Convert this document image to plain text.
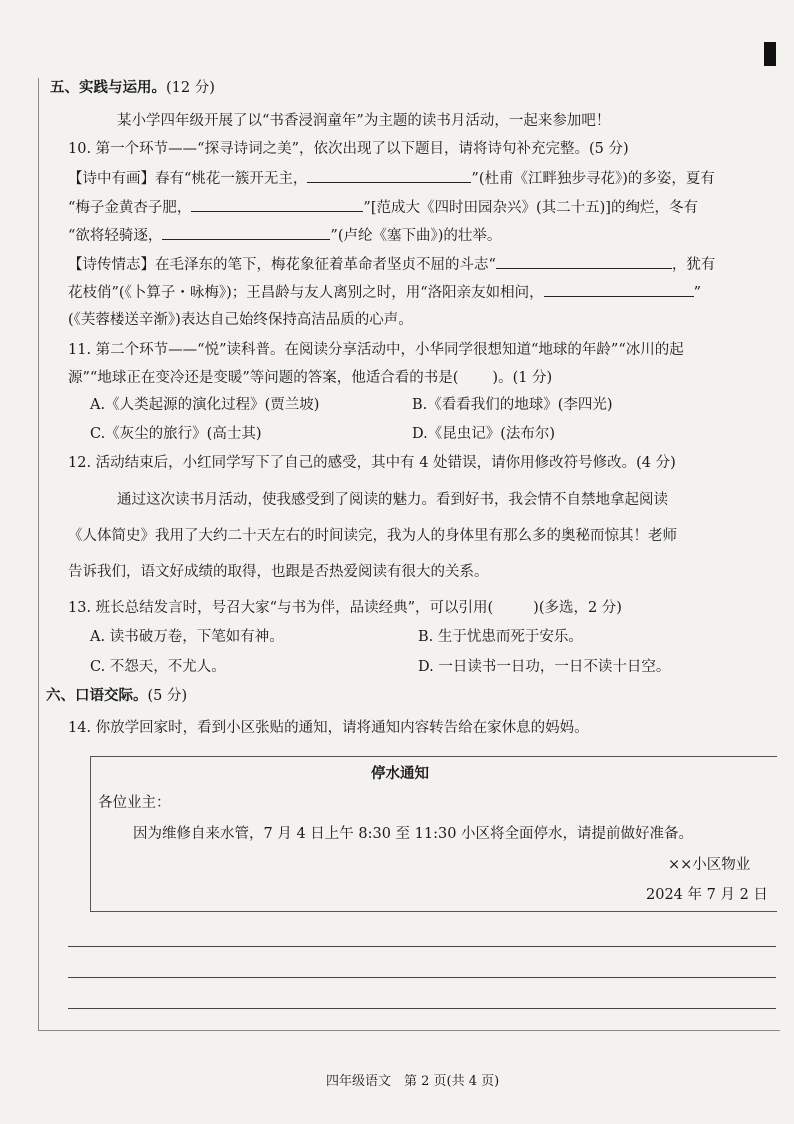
五、实践与运用。(12 分)
某小学四年级开展了以“书香浸润童年”为主题的读书月活动，一起来参加吧！
10. 第一个环节——“探寻诗词之美”，依次出现了以下题目，请将诗句补充完整。(5 分)
【诗中有画】春有“桃花一簇开无主，	”(杜甫《江畔独步寻花》)的多姿，夏有
“梅子金黄杏子肥，	”[范成大《四时田园杂兴》(其二十五)]的绚烂，冬有
“欲将轻骑逐，	”(卢纶《塞下曲》)的壮举。
【诗传情志】在毛泽东的笔下，梅花象征着革命者坚贞不屈的斗志“	，犹有
花枝俏”(《卜算子・咏梅》)；王昌龄与友人离别之时，用“洛阳亲友如相问，	”
(《芙蓉楼送辛渐》)表达自己始终保持高洁品质的心声。
11. 第二个环节——“悦”读科普。在阅读分享活动中，小华同学很想知道“地球的年龄”“冰川的起
源”“地球正在变冷还是变暖”等问题的答案，他适合看的书是( )。(1 分)
A.《人类起源的演化过程》(贾兰坡)	B.《看看我们的地球》(李四光)
C.《灰尘的旅行》(高士其)	D.《昆虫记》(法布尔)
12. 活动结束后，小红同学写下了自己的感受，其中有 4 处错误，请你用修改符号修改。(4 分)
通过这次读书月活动，使我感受到了阅读的魅力。看到好书，我会情不自禁地拿起阅读
《人体简史》我用了大约二十天左右的时间读完，我为人的身体里有那么多的奥秘而惊其！老师
告诉我们，语文好成绩的取得，也跟是否热爱阅读有很大的关系。
13. 班长总结发言时，号召大家“与书为伴，品读经典”，可以引用(	)(多选，2 分)
A. 读书破万卷，下笔如有神。	B. 生于忧患而死于安乐。
C. 不怨天，不尤人。	D. 一日读书一日功，一日不读十日空。
六、口语交际。(5 分)
14. 你放学回家时，看到小区张贴的通知，请将通知内容转告给在家休息的妈妈。
停水通知
各位业主：
因为维修自来水管，7 月 4 日上午 8:30 至 11:30 小区将全面停水，请提前做好准备。
××小区物业
2024 年 7 月 2 日
四年级语文　第 2 页(共 4 页)
